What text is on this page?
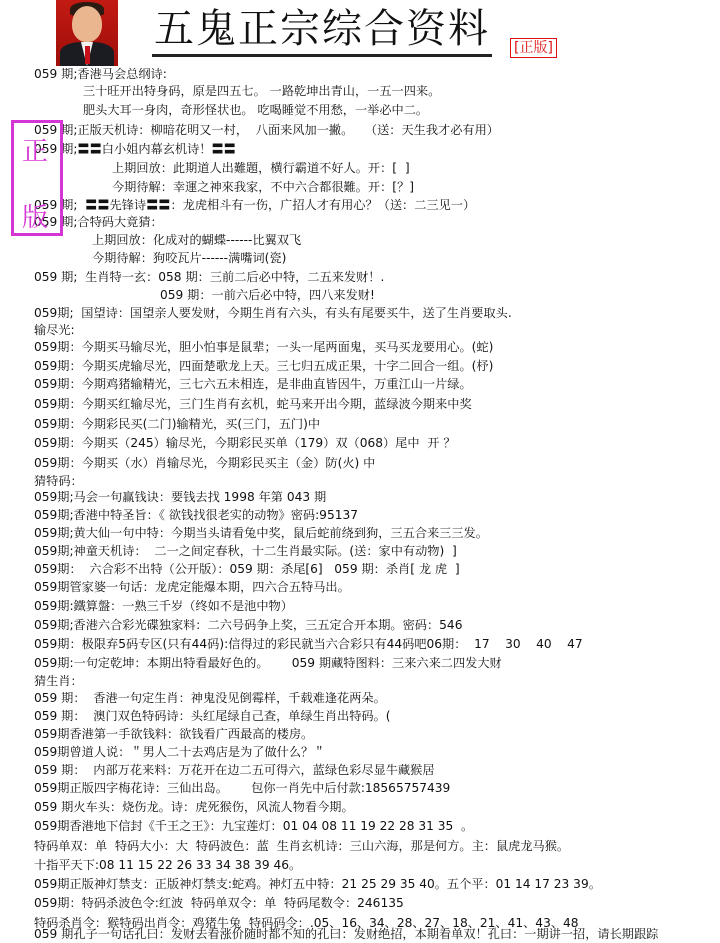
五鬼正宗综合资料 [正版]
059 期;香港马会总纲诗:
三十旺开出特身码，原是四五七。 一路乾坤出青山，一五一四来。
肥头大耳一身肉，奇形怪状也。 吃喝睡觉不用愁，一举必中二。
059 期;正版天机诗：柳暗花明又一村，  八面来风加一撇。   （送：天生我才必有用）
059 期;〓〓白小姐内幕玄机诗！〓〓
上期回放：此期道人出難題，横行霸道不好人。开：[  ]
今期待解：幸運之神來我家，不中六合都很難。开：[？]
059 期;  〓〓先锋诗〓〓：龙虎相斗有一伤，广招人才有用心？（送：二三见一）
059 期;合特码大竟猜：
上期回放：化成对的蝴蝶------比翼双飞
今期待解：狗咬瓦片------满嘴词(瓷)
059 期;  生肖特一玄：058 期：三前二后必中特，二五来发财！.
059 期：一前六后必中特，四八来发财!
059期;  国望诗：国望亲人要发财，今期生肖有六头，有头有尾要买牛，送了生肖要取头.
输尽光:
059期：今期买马输尽光，胆小怕事是鼠辈；一头一尾两面鬼，买马买龙要用心。(蛇)
059期：今期买虎输尽光，四面楚歌龙上天。三七归五成正果，十字二回合一组。(杼)
059期：今期鸡猪输精光，三七六五未相连，是非曲直皆因牛，万重江山一片绿。
059期：今期买红输尽光，三门生肖有玄机，蛇马来开出今期，蓝绿波今期来中奖
059期：今期彩民买(二门)输精光，买(三门，五门)中
059期：今期买（245）输尽光，今期彩民买单（179）双（068）尾中  开 ？
059期：今期买（水）肖输尽光，今期彩民买主（金）防(火) 中
猜特码：
059期;马会一句赢钱诀：要钱去找 1998 年第 043 期
059期;香港中特圣旨：《 欲钱找很老实的动物》密码:95137
059期;黄大仙一句中特：今期当头请看兔中奖，鼠后蛇前绕到狗，三五合来三三发。
059期;神童天机诗：  二一之间定春秋，十二生肖最实际。(送：家中有动物)  ]
059期：  六合彩不出特（公开版）：059 期：杀尾[6]   059 期：杀肖[ 龙 虎  ]
059期管家婆一句话：龙虎定能爆本期，四六合五特马出。
059期:鐵算盤：一熟三千岁（终如不是池中物）
059期;香港六合彩光碟独家料：二六号码争上奖，三五定合开本期。密码：546
059期：极限弃5码专区(只有44码):信得过的彩民就当六合彩只有44码吧06期：  17    30    40    47
059期:一句定乾坤：本期出特看最好色的。      059 期藏特图料：三来六来二四发大财
猜生肖：
059 期：  香港一句定生肖：神鬼没见倒霉样，千载难逢花两朵。
059 期：  澳门双色特码诗：头红尾绿自己查，单绿生肖出特码。(
059期香港第一手欲钱料：欲钱看广西最高的楼房。
059期曾道人说：＂男人二十去鸡店是为了做什么？＂
059 期：  内部万花来料：万花开在边二五可得六，蓝绿色彩尽显牛藏猴居
059期正版四字梅花诗：三仙出岛。      包你一肖先中后付款:18565757439
059 期火车头：烧伤龙。诗：虎死猴伤，风流人物看今期。
059期香港地下信封《千王之王》：九宝莲灯：01 04 08 11 19 22 28 31 35  。
特码单双：单  特码大小：大  特码波色：蓝  生肖玄机诗：三山六海，那是何方。主：鼠虎龙马猴。
十指平天下:08 11 15 22 26 33 34 38 39 46。
059期正版神灯禁支：正版神灯禁支:蛇鸡。神灯五中特：21 25 29 35 40。五个平：01 14 17 23 39。
059期：特码杀波色令:红波  特码单双令：单  特码尾数令：246135
特码杀肖令：猴特码出肖令：鸡猪牛兔  特码码令：.05、16、34、28、27、18、21、41、43、48
059 期孔子一句话孔曰：发财去看涨价随时都不知的孔曰：发财绝招，本期看单双！孔曰：一期讲一招，请长期跟踪
正
版
